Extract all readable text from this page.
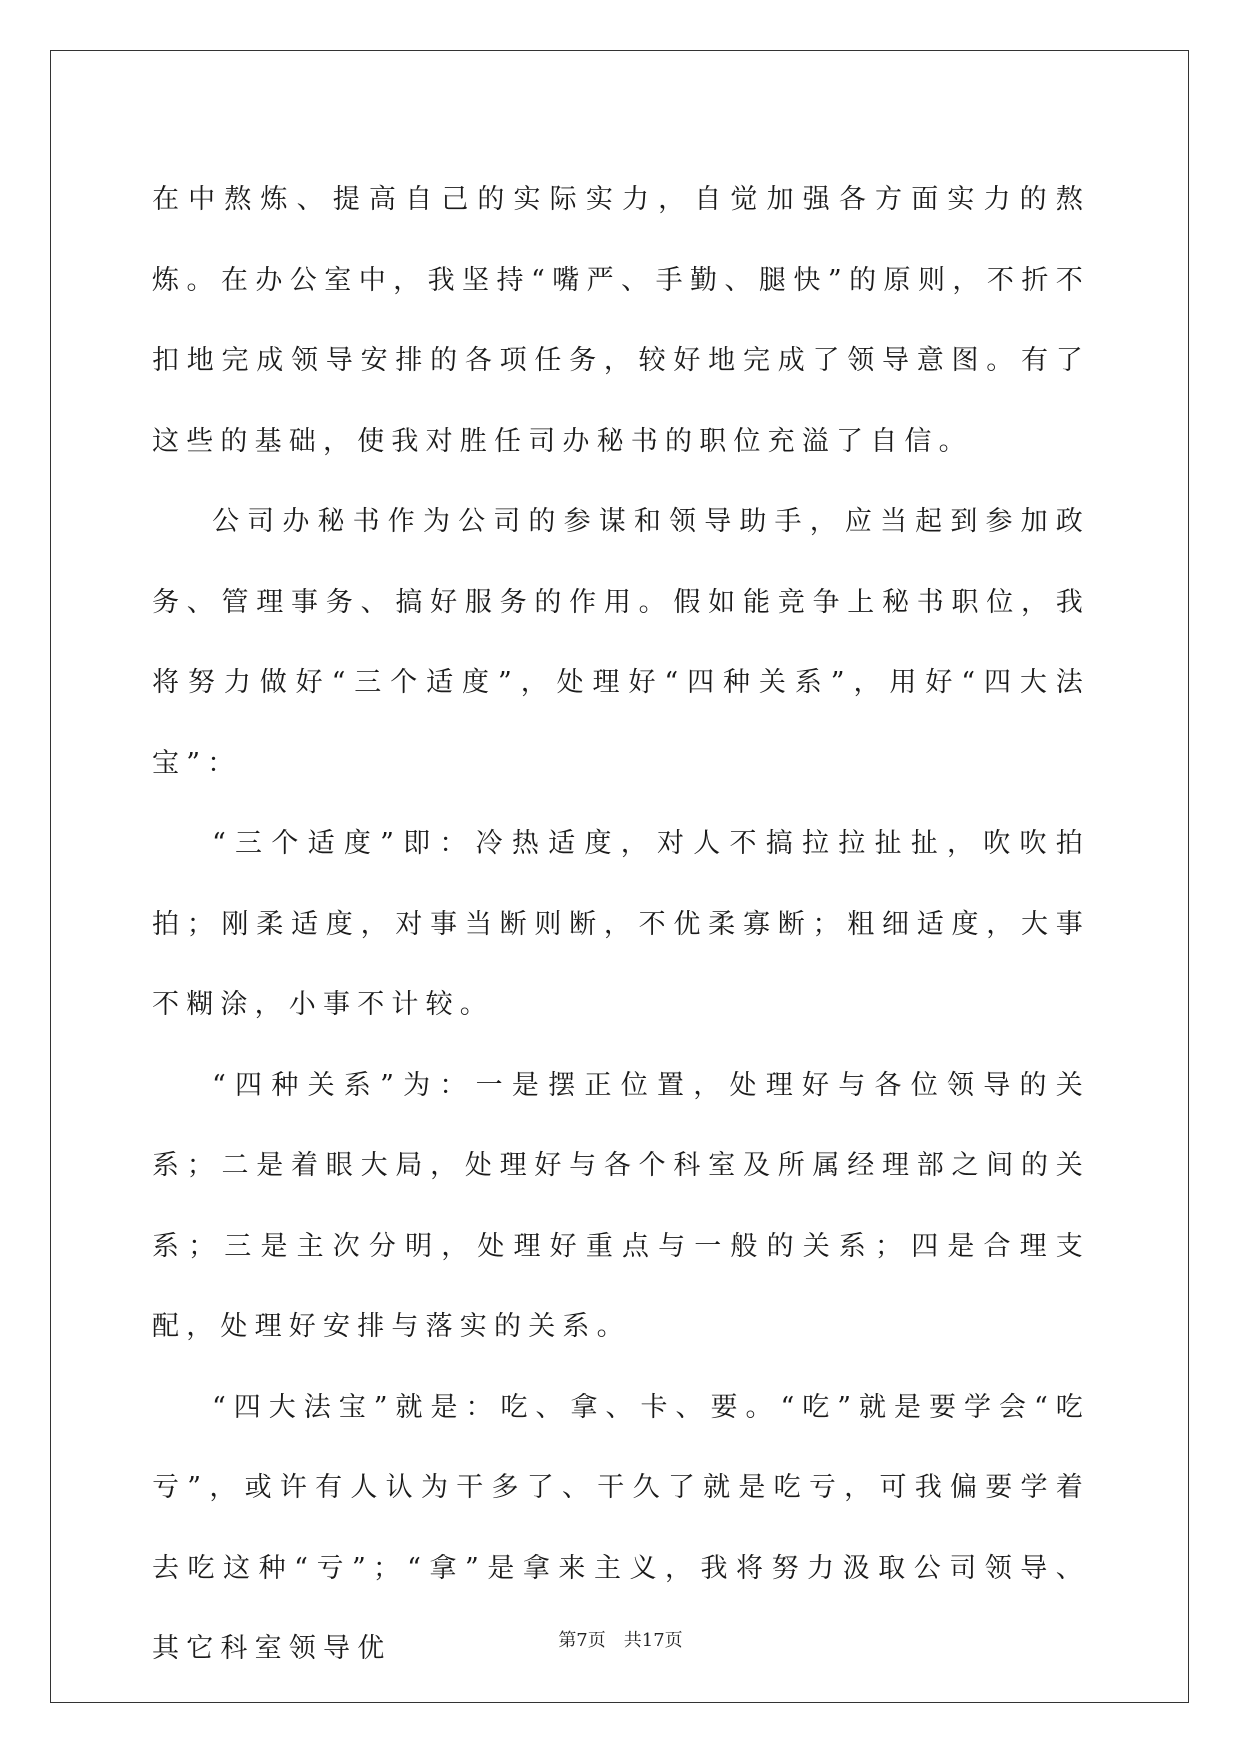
在中熬炼、提高自己的实际实力，自觉加强各方面实力的熬炼。在办公室中，我坚持“嘴严、手勤、腿快”的原则，不折不扣地完成领导安排的各项任务，较好地完成了领导意图。有了这些的基础，使我对胜任司办秘书的职位充溢了自信。

公司办秘书作为公司的参谋和领导助手，应当起到参加政务、管理事务、搞好服务的作用。假如能竞争上秘书职位，我将努力做好“三个适度”，处理好“四种关系”，用好“四大法宝”：

“三个适度”即：冷热适度，对人不搞拉拉扯扯，吹吹拍拍；刚柔适度，对事当断则断，不优柔寡断；粗细适度，大事不糊涂，小事不计较。

“四种关系”为：一是摆正位置，处理好与各位领导的关系；二是着眼大局，处理好与各个科室及所属经理部之间的关系；三是主次分明，处理好重点与一般的关系；四是合理支配，处理好安排与落实的关系。

“四大法宝”就是：吃、拿、卡、要。“吃”就是要学会“吃亏”，或许有人认为干多了、干久了就是吃亏，可我偏要学着去吃这种“亏”；“拿”是拿来主义，我将努力汲取公司领导、其它科室领导优	第7页　共17页
